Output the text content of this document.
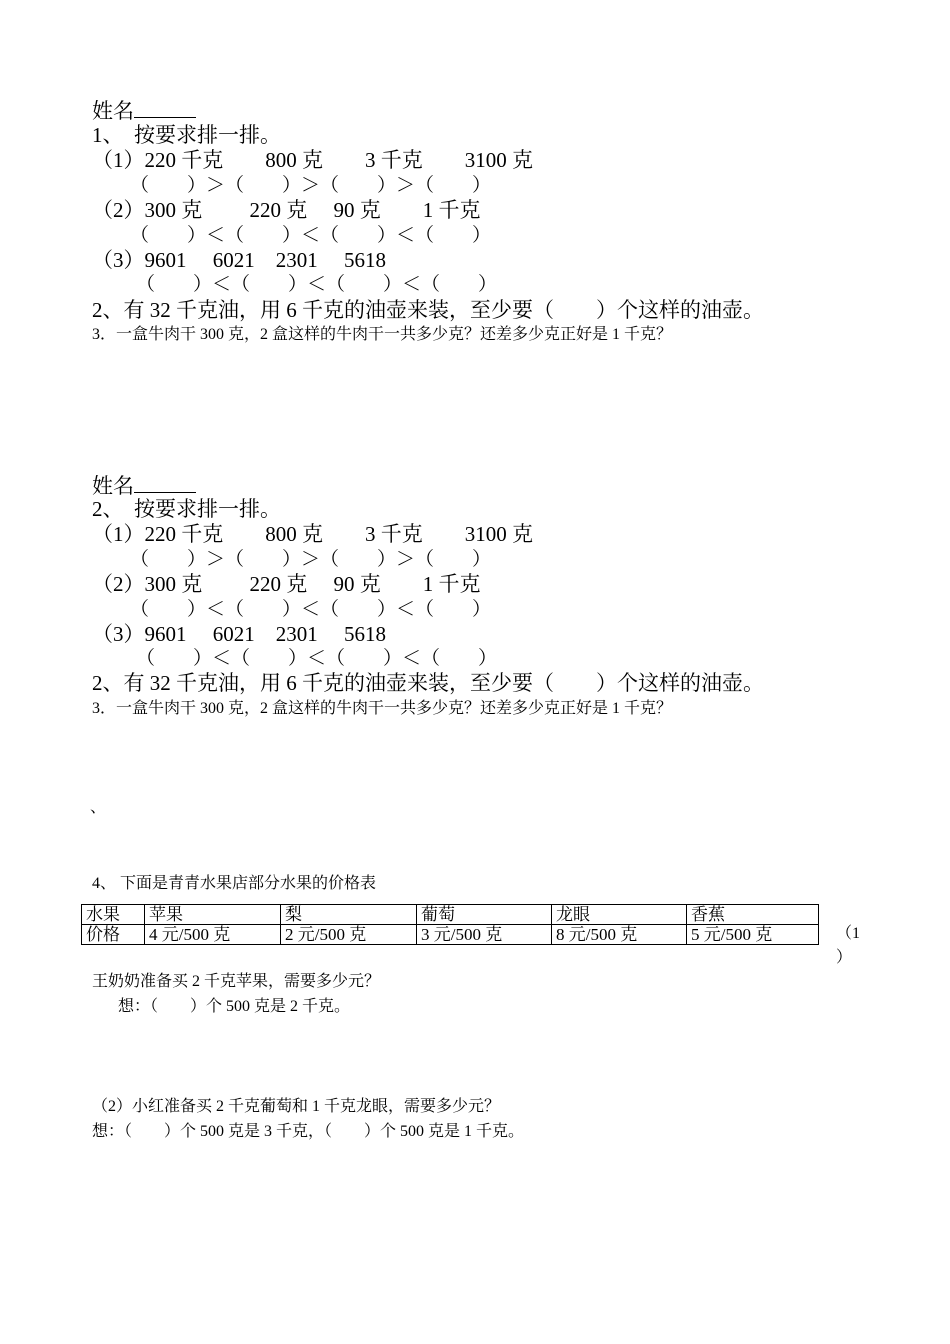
姓名
1、　按要求排一排。
（1）220 千克　　800 克　　3 千克　　3100 克
（　　）＞（　　）＞（　　）＞（　　）
（2）300 克　　 220 克　 90 克　　1 千克
（　　）＜（　　）＜（　　）＜（　　）
（3）9601　 6021　2301　 5618
（　　）＜（　　）＜（　　）＜（　　）
2、有 32 千克油，用 6 千克的油壶来装，至少要（　　）个这样的油壶。
3．一盒牛肉干 300 克，2 盒这样的牛肉干一共多少克？还差多少克正好是 1 千克？
姓名
2、　按要求排一排。
（1）220 千克　　800 克　　3 千克　　3100 克
（　　）＞（　　）＞（　　）＞（　　）
（2）300 克　　 220 克　 90 克　　1 千克
（　　）＜（　　）＜（　　）＜（　　）
（3）9601　 6021　2301　 5618
（　　）＜（　　）＜（　　）＜（　　）
2、有 32 千克油，用 6 千克的油壶来装，至少要（　　）个这样的油壶。
3．一盒牛肉干 300 克，2 盒这样的牛肉干一共多少克？还差多少克正好是 1 千克？
、
4、 下面是青青水果店部分水果的价格表
水果	苹果	梨	葡萄	龙眼	香蕉
价格	4 元/500 克	2 元/500 克	3 元/500 克	8 元/500 克	5 元/500 克	（1
）
王奶奶准备买 2 千克苹果，需要多少元？
想：（　　）个 500 克是 2 千克。
（2）小红准备买 2 千克葡萄和 1 千克龙眼，需要多少元？
想：（　　）个 500 克是 3 千克，（　　）个 500 克是 1 千克。
